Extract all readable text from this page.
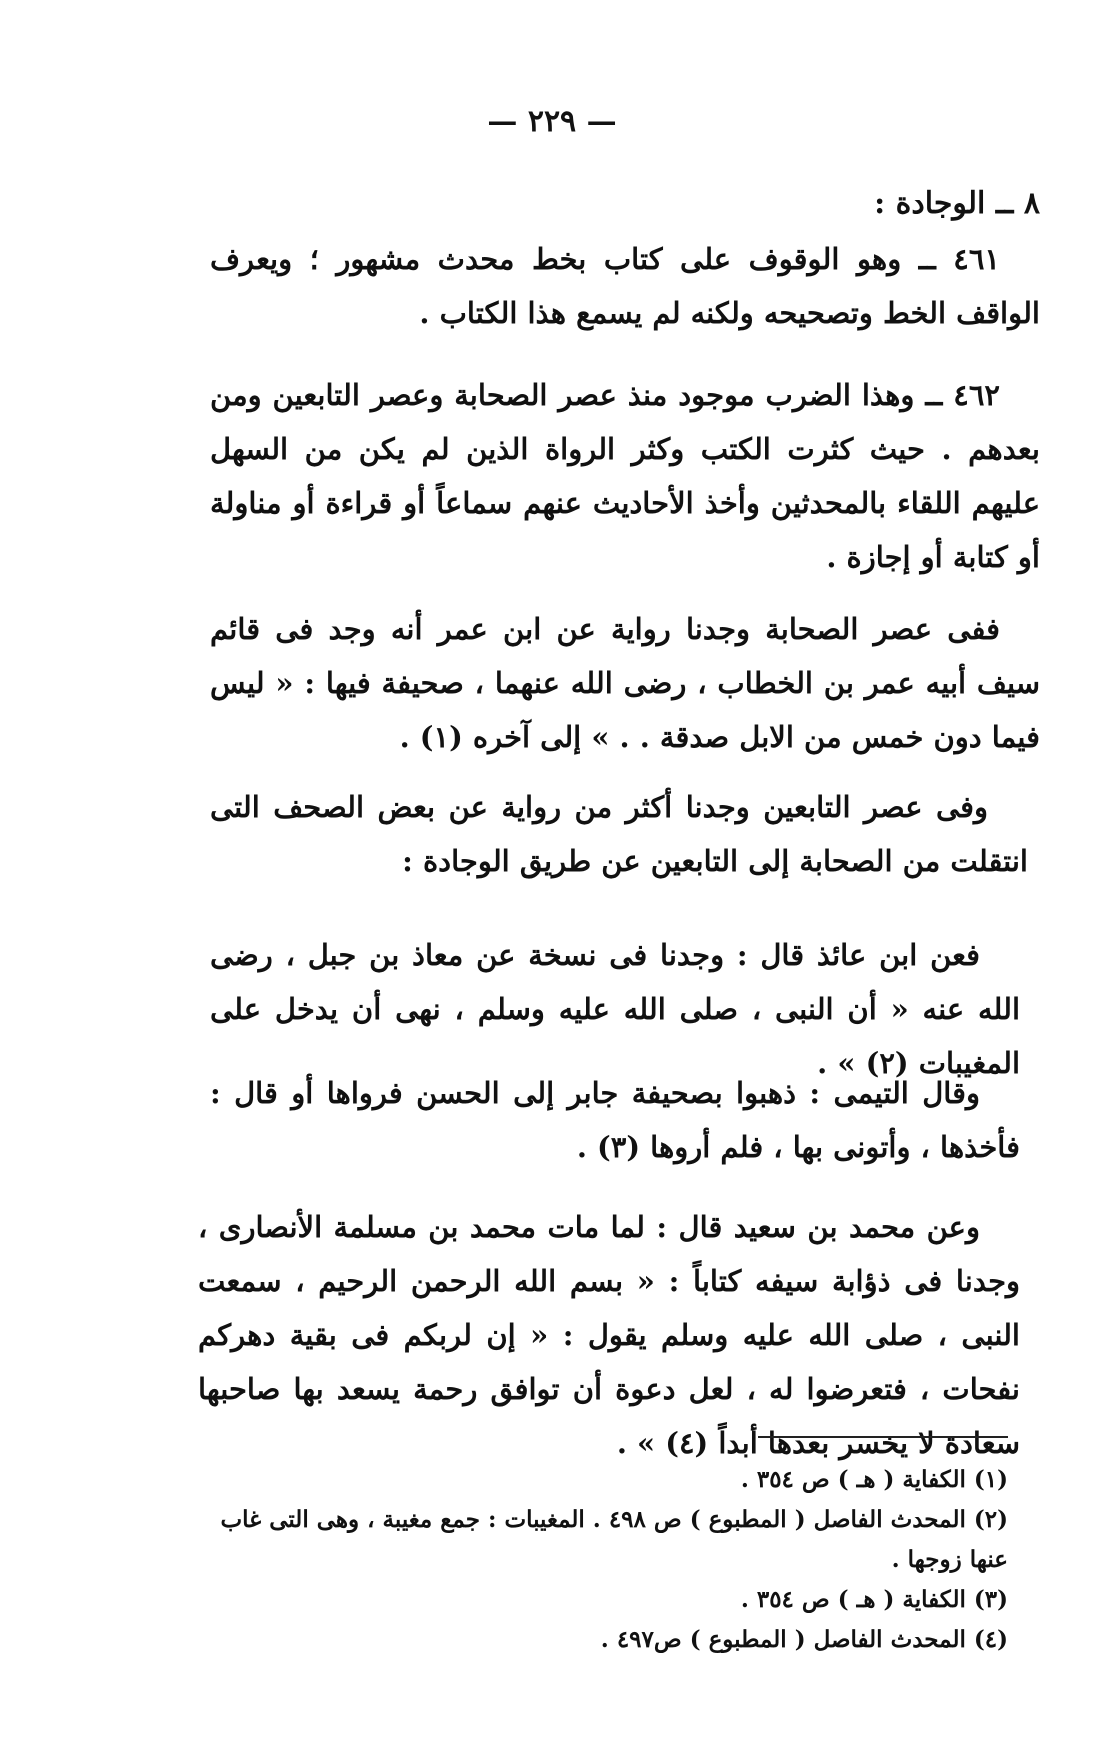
— ٢٢٩ —
٨ ــ الوجادة :
٤٦١ ــ وهو الوقوف على كتاب بخط محدث مشهور ؛ ويعرف الواقف الخط وتصحيحه ولكنه لم يسمع هذا الكتاب .
٤٦٢ ــ وهذا الضرب موجود منذ عصر الصحابة وعصر التابعين ومن بعدهم . حيث كثرت الكتب وكثر الرواة الذين لم يكن من السهل عليهم اللقاء بالمحدثين وأخذ الأحاديث عنهم سماعاً أو قراءة أو مناولة أو كتابة أو إجازة .
ففى عصر الصحابة وجدنا رواية عن ابن عمر أنه وجد فى قائم سيف أبيه عمر بن الخطاب ، رضى الله عنهما ، صحيفة فيها : « ليس فيما دون خمس من الابل صدقة . . » إلى آخره (١) .
وفى عصر التابعين وجدنا أكثر من رواية عن بعض الصحف التى انتقلت من الصحابة إلى التابعين عن طريق الوجادة :
فعن ابن عائذ قال : وجدنا فى نسخة عن معاذ بن جبل ، رضى الله عنه « أن النبى ، صلى الله عليه وسلم ، نهى أن يدخل على المغيبات (٢) » .
وقال التيمى : ذهبوا بصحيفة جابر إلى الحسن فرواها أو قال : فأخذها ، وأتونى بها ، فلم أروها (٣) .
وعن محمد بن سعيد قال : لما مات محمد بن مسلمة الأنصارى ، وجدنا فى ذؤابة سيفه كتاباً : « بسم الله الرحمن الرحيم ، سمعت النبى ، صلى الله عليه وسلم يقول : « إن لربكم فى بقية دهركم نفحات ، فتعرضوا له ، لعل دعوة أن توافق رحمة يسعد بها صاحبها سعادة لا يخسر بعدها أبداً (٤) » .
(١) الكفاية ( هـ ) ص ٣٥٤ .
(٢) المحدث الفاصل ( المطبوع ) ص ٤٩٨ . المغيبات : جمع مغيبة ، وهى التى غاب
عنها زوجها .
(٣) الكفاية ( هـ ) ص ٣٥٤ .
(٤) المحدث الفاصل ( المطبوع ) ص٤٩٧ .
